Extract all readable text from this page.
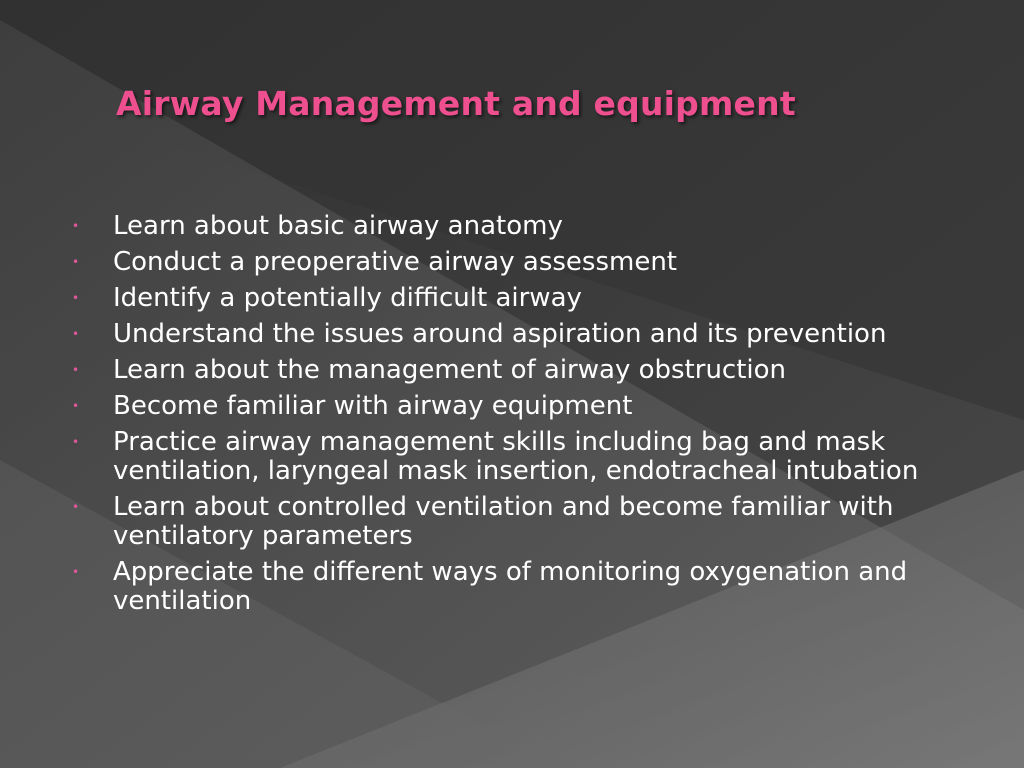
Airway Management and equipment
• Learn about basic airway anatomy
• Conduct a preoperative airway assessment
• Identify a potentially difficult airway
• Understand the issues around aspiration and its prevention
• Learn about the management of airway obstruction
• Become familiar with airway equipment
• Practice airway management skills including bag and mask ventilation, laryngeal mask insertion, endotracheal intubation
• Learn about controlled ventilation and become familiar with ventilatory parameters
• Appreciate the different ways of monitoring oxygenation and ventilation
